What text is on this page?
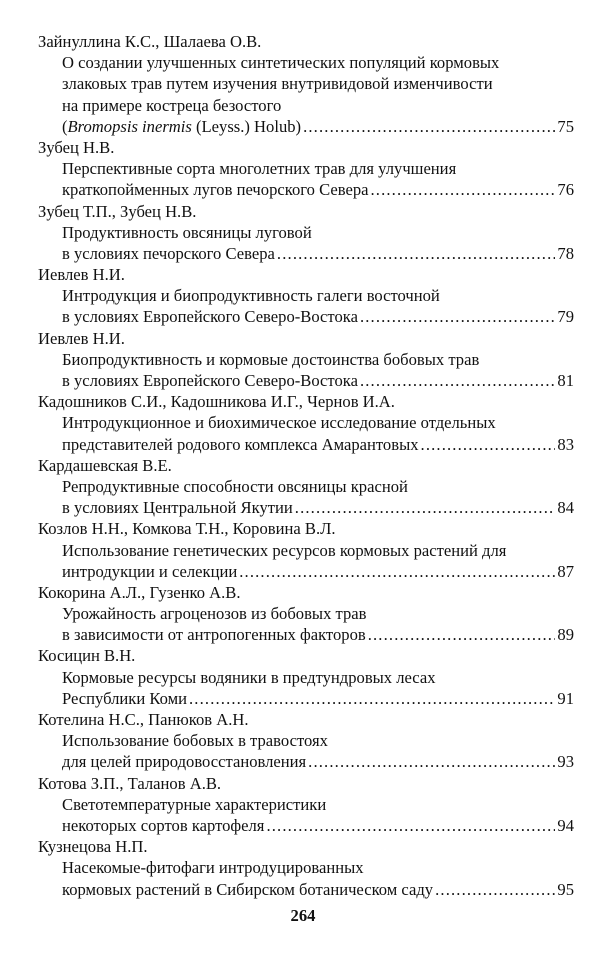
Зайнуллина К.С., Шалаева О.В.
О создании улучшенных синтетических популяций кормовых
злаковых трав путем изучения внутривидовой изменчивости
на примере костреца безостого
(Bromopsis inermis (Leyss.) Holub) . . .	75
Зубец Н.В.
Перспективные сорта многолетних трав для улучшения
краткопойменных лугов печорского Севера . . .	76
Зубец Т.П., Зубец Н.В.
Продуктивность овсяницы луговой
в условиях печорского Севера . . .	78
Иевлев Н.И.
Интродукция и биопродуктивность галеги восточной
в условиях Европейского Северо-Востока . . .	79
Иевлев Н.И.
Биопродуктивность и кормовые достоинства бобовых трав
в условиях Европейского Северо-Востока . . .	81
Кадошников С.И., Кадошникова И.Г., Чернов И.А.
Интродукционное и биохимическое исследование отдельных
представителей родового комплекса Амарантовых . . .	83
Кардашевская В.Е.
Репродуктивные способности овсяницы красной
в условиях Центральной Якутии . . .	84
Козлов Н.Н., Комкова Т.Н., Коровина В.Л.
Использование генетических ресурсов кормовых растений для
интродукции и селекции . . .	87
Кокорина А.Л., Гузенко А.В.
Урожайность агроценозов из бобовых трав
в зависимости от антропогенных факторов . . .	89
Косицин В.Н.
Кормовые ресурсы водяники в предтундровых лесах
Республики Коми . . .	91
Котелина Н.С., Панюков А.Н.
Использование бобовых в травостоях
для целей природовосстановления . . .	93
Котова З.П., Таланов А.В.
Светотемпературные характеристики
некоторых сортов картофеля . . .	94
Кузнецова Н.П.
Насекомые-фитофаги интродуцированных
кормовых растений в Сибирском ботаническом саду . . .	95
264
